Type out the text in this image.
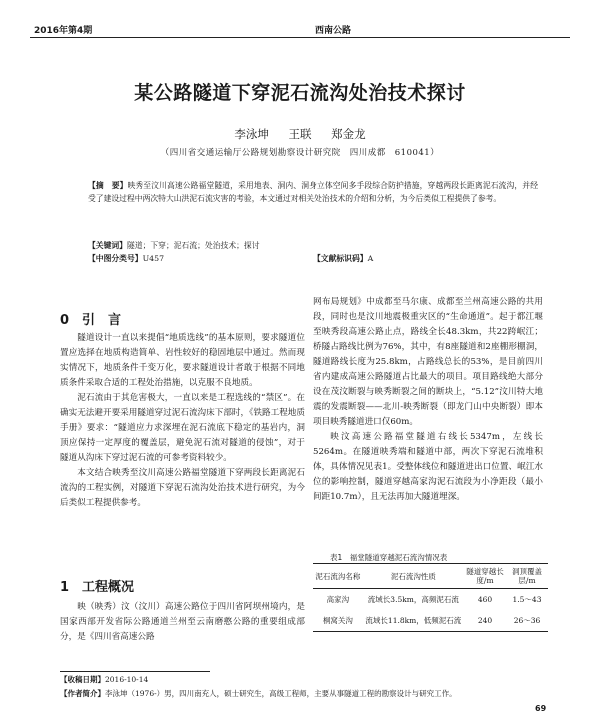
2016年第4期	西南公路
某公路隧道下穿泥石流沟处治技术探讨
李泳坤 王联 郑金龙
（四川省交通运输厅公路规划勘察设计研究院　四川成都　610041）
【摘　要】映秀至汶川高速公路福堂隧道，采用地表、洞内、洞身立体空间多手段综合防护措施，穿越两段长距离泥石流沟，并经受了建设过程中两次特大山洪泥石流灾害的考验，本文通过对相关处治技术的介绍和分析，为今后类似工程提供了参考。
【关键词】隧道；下穿；泥石流；处治技术；探讨
【中图分类号】U457	【文献标识码】A
0　引　言

隧道设计一直以来提倡“地质选线”的基本原则，要求隧道位置应选择在地质构造简单、岩性较好的稳固地层中通过。然而现实情况下，地质条件千变万化，要求隧道设计者敢于根据不同地质条件采取合适的工程处治措施，以克服不良地质。

泥石流由于其危害极大，一直以来是工程选线的“禁区”。在确实无法避开要采用隧道穿过泥石流沟床下部时，《铁路工程地质手册》要求：“隧道应力求深埋在泥石流底下稳定的基岩内，洞顶应保持一定厚度的覆盖层，避免泥石流对隧道的侵蚀”，对于隧道从沟床下穿过泥石流的可参考资料较少。

本文结合映秀至汶川高速公路福堂隧道下穿两段长距离泥石流沟的工程实例，对隧道下穿泥石流沟处治技术进行研究，为今后类似工程提供参考。

1　工程概况

映（映秀）汶（汶川）高速公路位于四川省阿坝州境内，是国家西部开发省际公路通道兰州至云南磨憨公路的重要组成部分，是《四川省高速公路

网布局规划》中成都至马尔康、成都至兰州高速公路的共用段，同时也是汶川地震极重灾区的“生命通道”。起于都江堰至映秀段高速公路止点，路线全长48.3km，共22跨岷江；桥隧占路线比例为76%，其中，有8座隧道和2座棚形棚洞，隧道路线长度为25.8km，占路线总长的53%，是目前四川省内建成高速公路隧道占比最大的项目。项目路线绝大部分设在茂汶断裂与映秀断裂之间的断块上，“5.12”汶川特大地震的发震断裂——北川-映秀断裂（即龙门山中央断裂）即本项目映秀隧道进口仅60m。

映汶高速公路福堂隧道右线长5347m，左线长5264m。在隧道映秀端和隧道中部，两次下穿泥石流堆积体，具体情况见表1。受整体线位和隧道进出口位置、岷江水位的影响控制，隧道穿越高家沟泥石流段为小净距段（最小间距10.7m），且无法再加大隧道埋深。

表1　福堂隧道穿越泥石流沟情况表
泥石流沟名称	泥石流沟性质	隧道穿越长度/m	洞顶覆盖层/m
高家沟	流域长3.5km，高频泥石流	460	1.5～43
桐窝关沟	流域长11.8km，低频泥石流	240	26～36
【收稿日期】2016-10-14
【作者简介】李泳坤（1976-）男，四川南充人，硕士研究生，高级工程师，主要从事隧道工程的勘察设计与研究工作。
69
